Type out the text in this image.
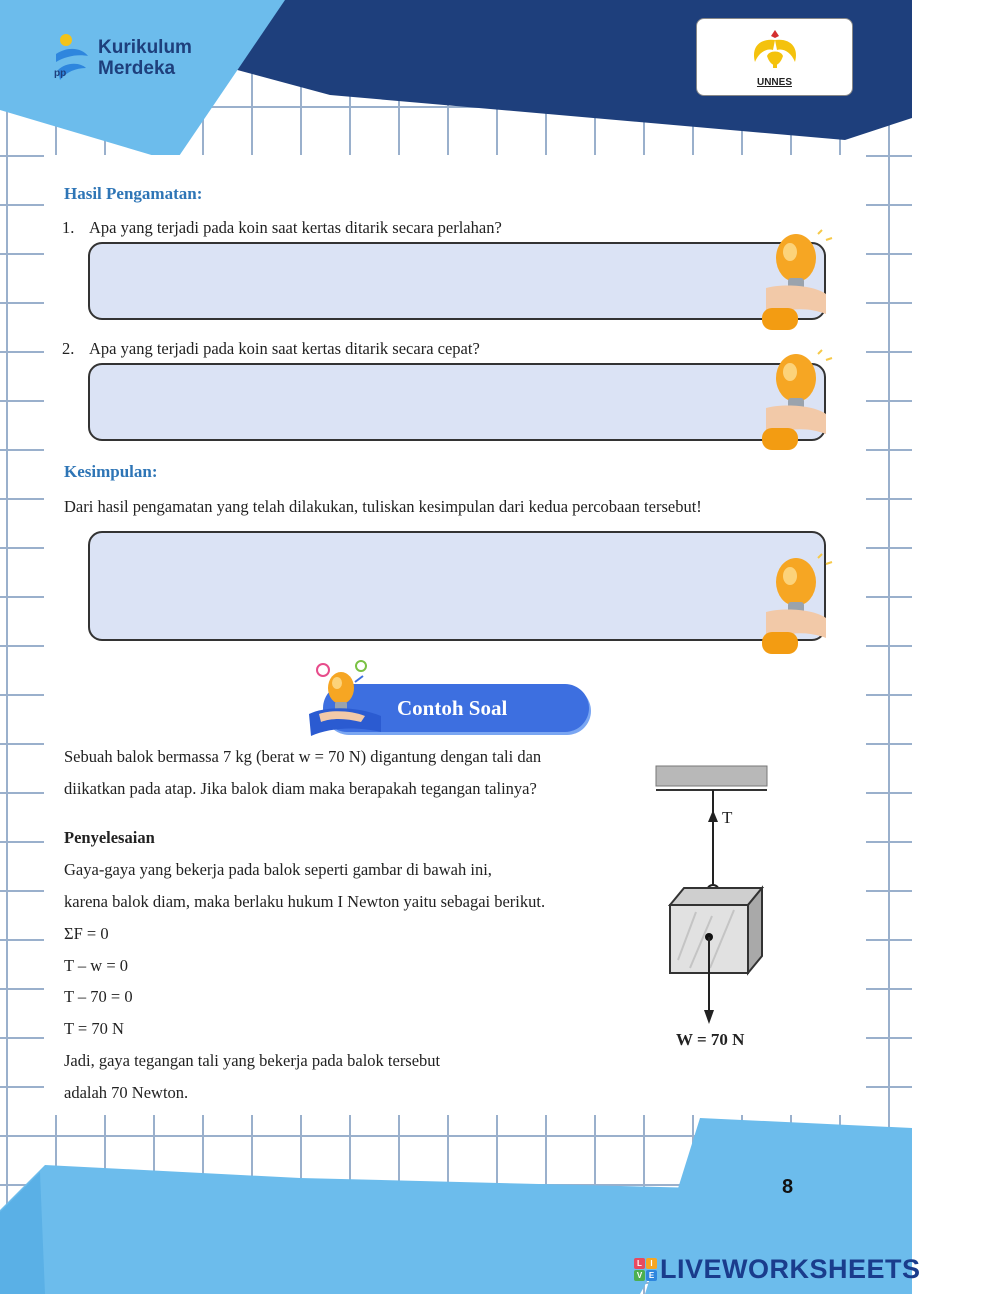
pp
Kurikulum
Merdeka
UNNES
Hasil Pengamatan:
1. Apa yang terjadi pada koin saat kertas ditarik secara perlahan?
2. Apa yang terjadi pada koin saat kertas ditarik secara cepat?
Kesimpulan:
Dari hasil pengamatan yang telah dilakukan, tuliskan kesimpulan dari kedua percobaan tersebut!
Contoh Soal
Sebuah balok bermassa 7 kg (berat w = 70 N) digantung dengan tali dan
diikatkan pada atap. Jika balok diam maka berapakah tegangan talinya?
Penyelesaian
Gaya-gaya yang bekerja pada balok seperti gambar di bawah ini,
karena balok diam, maka berlaku hukum I Newton yaitu sebagai berikut.
ΣF = 0
T – w = 0
T – 70 = 0
T = 70 N
Jadi, gaya tegangan tali yang bekerja pada balok tersebut
adalah 70 Newton.
T
W = 70 N
8
L	I
V E LIVEWORKSHEETS
